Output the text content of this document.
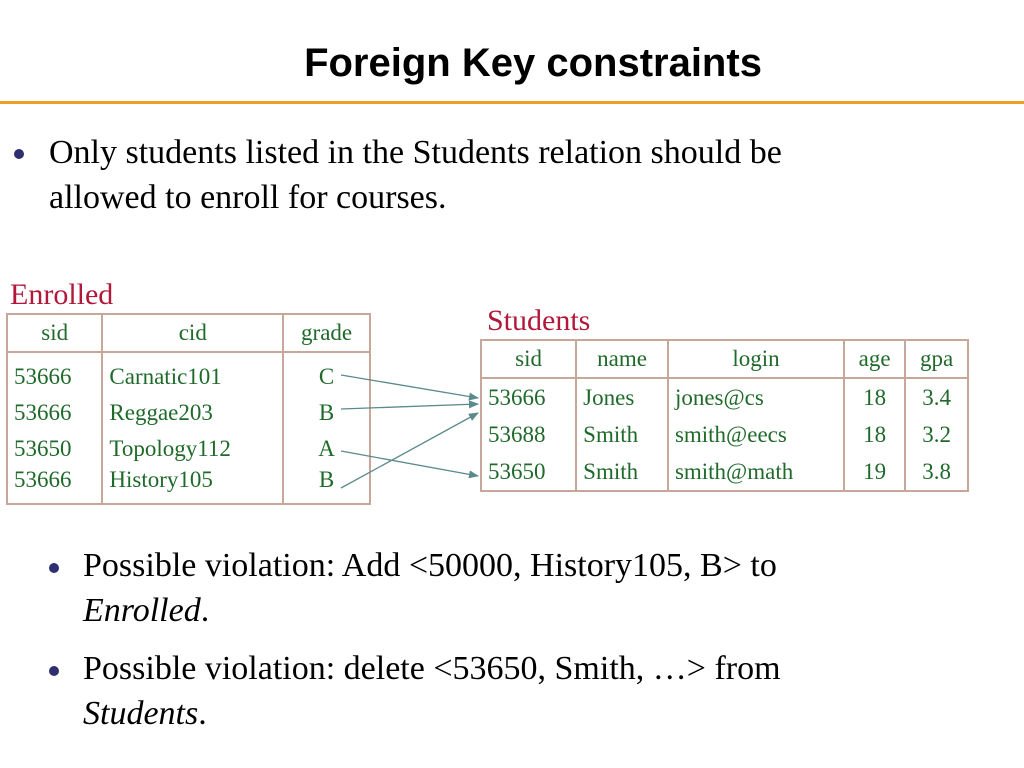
Foreign Key constraints
Only students listed in the Students relation should be
allowed to enroll for courses.
Enrolled
sid	cid	grade
53666	Carnatic101	C
53666	Reggae203	B
53650	Topology112	A
53666	History105	B
Students
sid	name	login	age	gpa
53666	Jones	jones@cs	18	3.4
53688	Smith	smith@eecs	18	3.2
53650	Smith	smith@math	19	3.8
Possible violation: Add <50000, History105, B> to
Enrolled.
Possible violation: delete <53650, Smith, …> from
Students.
